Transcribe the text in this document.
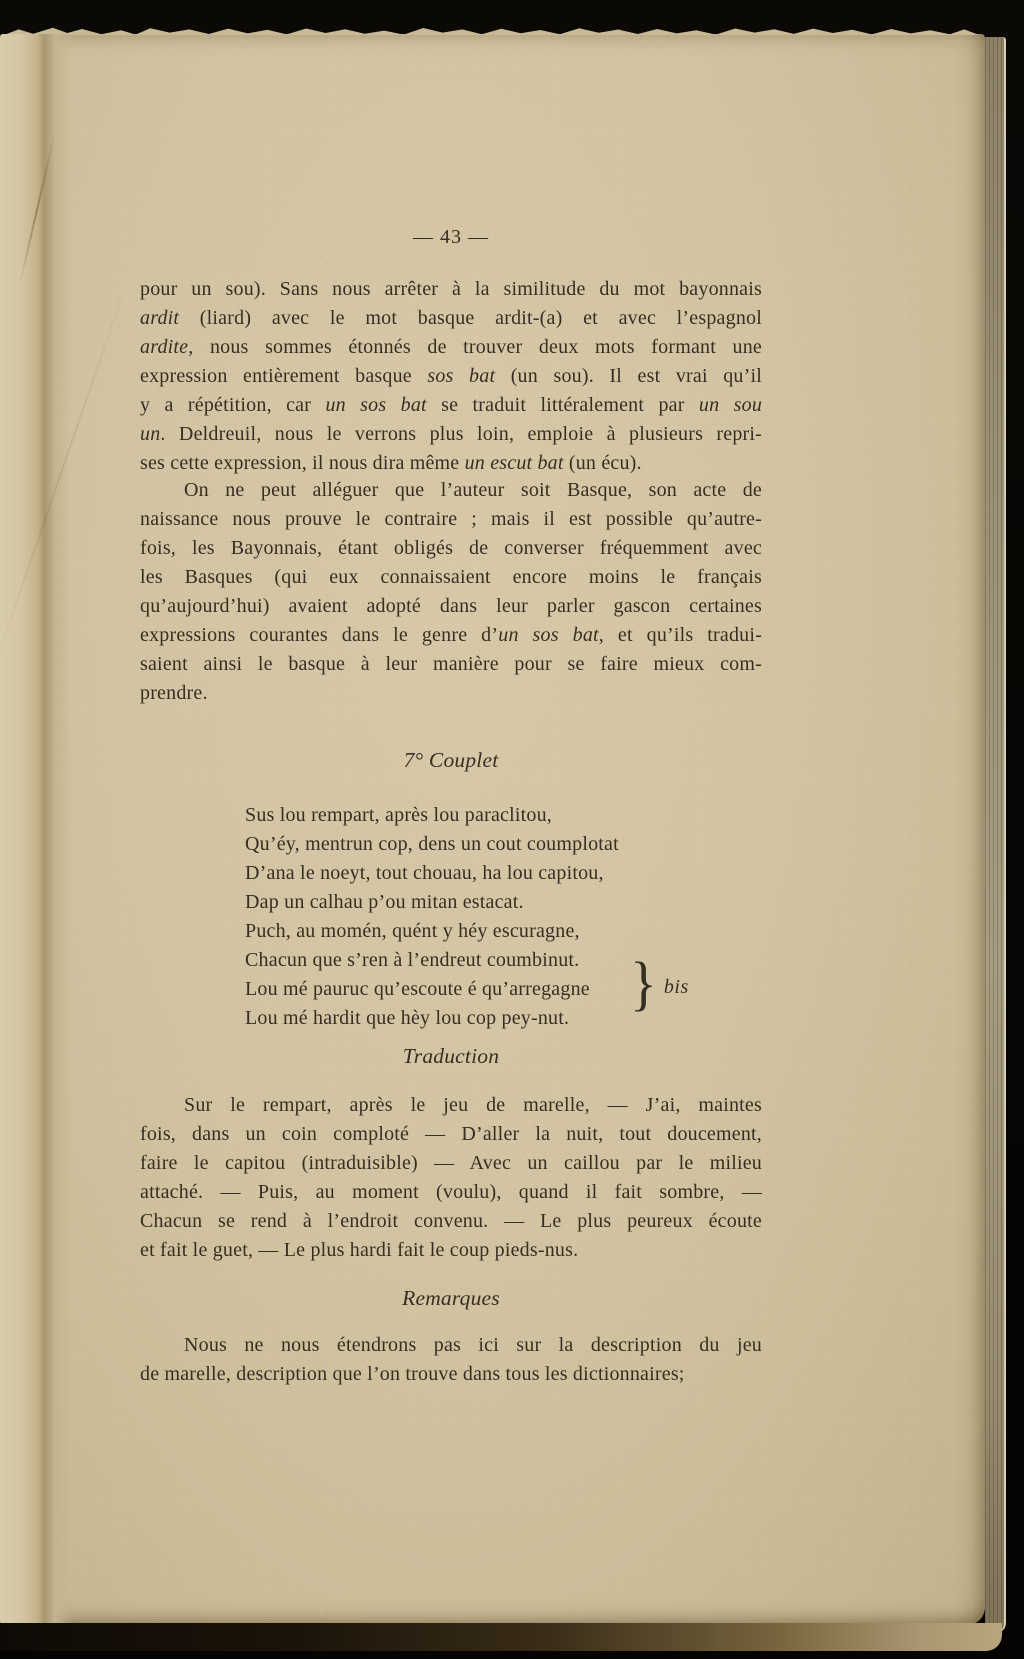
— 43 —
pour un sou). Sans nous arrêter à la similitude du mot bayonnais
ardit (liard) avec le mot basque ardit-(a) et avec l’espagnol
ardite, nous sommes étonnés de trouver deux mots formant une
expression entièrement basque sos bat (un sou). Il est vrai qu’il
y a répétition, car un sos bat se traduit littéralement par un sou
un. Deldreuil, nous le verrons plus loin, emploie à plusieurs repri-
ses cette expression, il nous dira même un escut bat (un écu).
On ne peut alléguer que l’auteur soit Basque, son acte de
naissance nous prouve le contraire ; mais il est possible qu’autre-
fois, les Bayonnais, étant obligés de converser fréquemment avec
les Basques (qui eux connaissaient encore moins le français
qu’aujourd’hui) avaient adopté dans leur parler gascon certaines
expressions courantes dans le genre d’un sos bat, et qu’ils tradui-
saient ainsi le basque à leur manière pour se faire mieux com-
prendre.
7° Couplet
Sus lou rempart, après lou paraclitou,
Qu’éy, mentrun cop, dens un cout coumplotat
D’ana le noeyt, tout chouau, ha lou capitou,
Dap un calhau p’ou mitan estacat.
Puch, au momén, quént y héy escuragne,
Chacun que s’ren à l’endreut coumbinut.
Lou mé pauruc qu’escoute é qu’arregagne
Lou mé hardit que hèy lou cop pey-nut.
} bis
Traduction
Sur le rempart, après le jeu de marelle, — J’ai, maintes
fois, dans un coin comploté — D’aller la nuit, tout doucement,
faire le capitou (intraduisible) — Avec un caillou par le milieu
attaché. — Puis, au moment (voulu), quand il fait sombre, —
Chacun se rend à l’endroit convenu. — Le plus peureux écoute
et fait le guet, — Le plus hardi fait le coup pieds-nus.
Remarques
Nous ne nous étendrons pas ici sur la description du jeu
de marelle, description que l’on trouve dans tous les dictionnaires;
